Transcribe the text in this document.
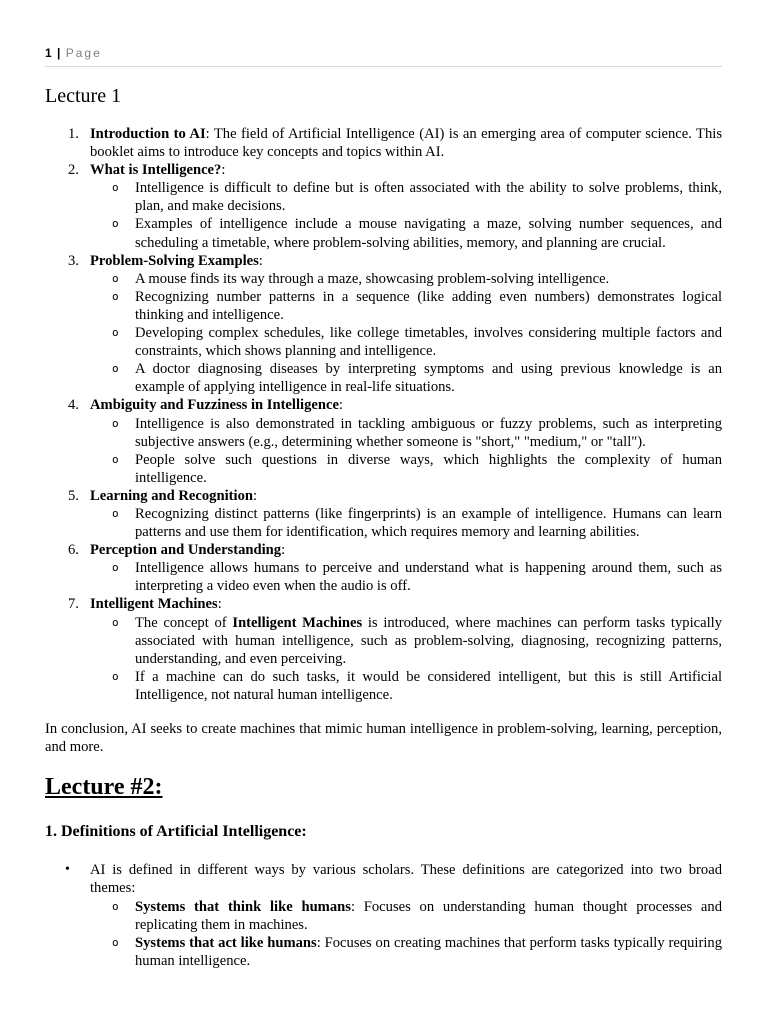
1 | Page
Lecture 1
1. Introduction to AI: The field of Artificial Intelligence (AI) is an emerging area of computer science. This booklet aims to introduce key concepts and topics within AI.
2. What is Intelligence?:
o Intelligence is difficult to define but is often associated with the ability to solve problems, think, plan, and make decisions.
o Examples of intelligence include a mouse navigating a maze, solving number sequences, and scheduling a timetable, where problem-solving abilities, memory, and planning are crucial.
3. Problem-Solving Examples:
o A mouse finds its way through a maze, showcasing problem-solving intelligence.
o Recognizing number patterns in a sequence (like adding even numbers) demonstrates logical thinking and intelligence.
o Developing complex schedules, like college timetables, involves considering multiple factors and constraints, which shows planning and intelligence.
o A doctor diagnosing diseases by interpreting symptoms and using previous knowledge is an example of applying intelligence in real-life situations.
4. Ambiguity and Fuzziness in Intelligence:
o Intelligence is also demonstrated in tackling ambiguous or fuzzy problems, such as interpreting subjective answers (e.g., determining whether someone is "short," "medium," or "tall").
o People solve such questions in diverse ways, which highlights the complexity of human intelligence.
5. Learning and Recognition:
o Recognizing distinct patterns (like fingerprints) is an example of intelligence. Humans can learn patterns and use them for identification, which requires memory and learning abilities.
6. Perception and Understanding:
o Intelligence allows humans to perceive and understand what is happening around them, such as interpreting a video even when the audio is off.
7. Intelligent Machines:
o The concept of Intelligent Machines is introduced, where machines can perform tasks typically associated with human intelligence, such as problem-solving, diagnosing, recognizing patterns, understanding, and even perceiving.
o If a machine can do such tasks, it would be considered intelligent, but this is still Artificial Intelligence, not natural human intelligence.

In conclusion, AI seeks to create machines that mimic human intelligence in problem-solving, learning, perception, and more.

Lecture #2:
1. Definitions of Artificial Intelligence:
• AI is defined in different ways by various scholars. These definitions are categorized into two broad themes:
o Systems that think like humans: Focuses on understanding human thought processes and replicating them in machines.
o Systems that act like humans: Focuses on creating machines that perform tasks typically requiring human intelligence.
